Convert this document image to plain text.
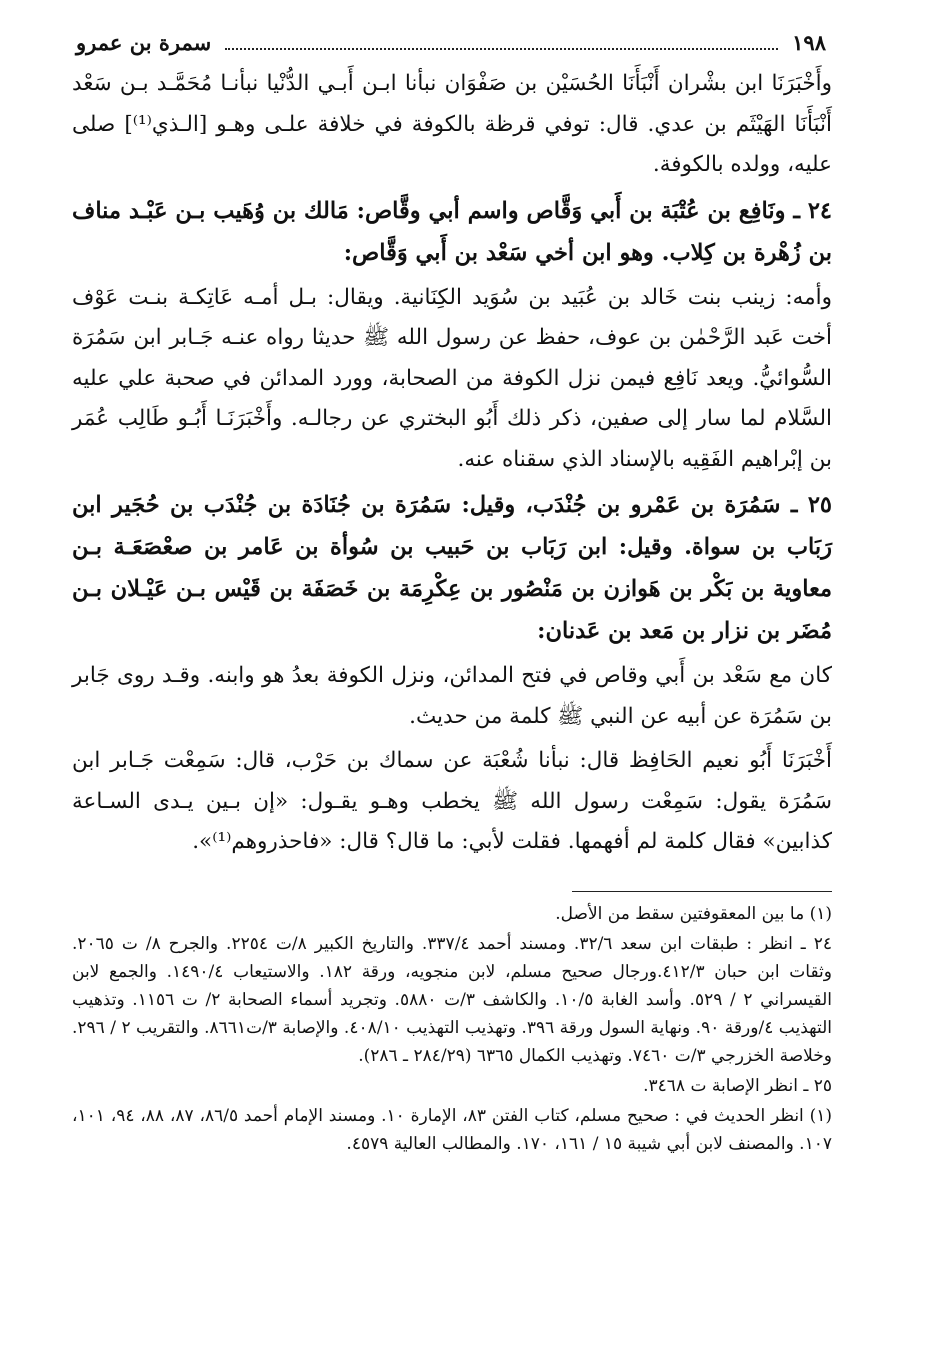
١٩٨
سمرة بن عمرو

وأَخْبَرَنَا ابن بشْران أَنْبَأَنَا الحُسَيْن بن صَفْوَان نبأنا ابـن أَبـي الدُّنْيا نبأنـا مُحَمَّـد بـن سَعْد أَنْبَأَنَا الهَيْثَم بن عدي. قال: توفي قرظة بالكوفة في خلافة علـى وهـو [الـذي⁽¹⁾] صلى عليه، وولده بالكوفة.

٢٤ ـ ونَافِع بن عُتْبَة بن أَبي وَقَّاص واسم أبي وقَّاص: مَالك بن وُهَيب بـن عَبْـد مناف بن زُهْرة بن كِلاب. وهو ابن أخي سَعْد بن أَبي وَقَّاص:

وأمه: زينب بنت خَالد بن عُبَيد بن سُوَيد الكِنَانية. ويقال: بـل أمـه عَاتِكـة بنـت عَوْف أخت عَبد الرَّحْمٰن بن عوف، حفظ عن رسول الله ﷺ حديثا رواه عنـه جَـابر ابن سَمُرَة السُّوائيُّ. ويعد نَافِع فيمن نزل الكوفة من الصحابة، وورد المدائن في صحبة علي عليه السَّلام لما سار إلى صفين، ذكر ذلك أَبُو البختري عن رجالـه. وأَخْبَرَنَـا أَبُـو طَالِب عُمَر بن إبْراهيم الفَقِيه بالإسناد الذي سقناه عنه.

٢٥ ـ سَمُرَة بن عَمْرو بن جُنْدَب، وقيل: سَمُرَة بن جُنَادَة بن جُنْدَب بن حُجَير ابن رَبَاب بن سواة. وقيل: ابن رَبَاب بن حَبيب بن سُوأة بن عَامر بن صعْصَعَـة بـن معاوية بن بَكْر بن هَوازن بن مَنْصُور بن عِكْرِمَة بن خَصَفَة بن قَيْس بـن عَيْـلان بـن مُضَر بن نزار بن مَعد بن عَدنان:

كان مع سَعْد بن أَبي وقاص في فتح المدائن، ونزل الكوفة بعدُ هو وابنه. وقـد روى جَابر بن سَمُرَة عن أبيه عن النبي ﷺ كلمة من حديث.

أَخْبَرَنَا أَبُو نعيم الحَافِظ قال: نبأنا شُعْبَة عن سماك بن حَرْب، قال: سَمِعْت جَـابر ابن سَمُرَة يقول: سَمِعْت رسول الله ﷺ يخطب وهـو يقـول: «إن بـين يـدى السـاعة كذابين» فقال كلمة لم أفهمها. فقلت لأبي: ما قال؟ قال: «فاحذروهم⁽¹⁾».

(١) ما بين المعقوفتين سقط من الأصل.
٢٤ ـ انظر : طبقات ابن سعد ٣٢/٦. ومسند أحمد ٣٣٧/٤. والتاريخ الكبير ٨/ت ٢٢٥٤. والجرح ٨/ ت ٢٠٦٥. وثقات ابن حبان ٤١٢/٣.ورجال صحيح مسلم، لابن منجويه، ورقة ١٨٢. والاستيعاب ١٤٩٠/٤. والجمع لابن القيسراني ٢ / ٥٢٩. وأسد الغابة ١٠/٥. والكاشف ٣/ت ٥٨٨٠. وتجريد أسماء الصحابة ٢/ ت ١١٥٦. وتذهيب التهذيب ٤/ورقة ٩٠. ونهاية السول ورقة ٣٩٦. وتهذيب التهذيب ٤٠٨/١٠. والإصابة ٣/ت٨٦٦١. والتقريب ٢ / ٢٩٦. وخلاصة الخزرجي ٣/ت ٧٤٦٠. وتهذيب الكمال ٦٣٦٥ (٢٨٤/٢٩ ـ ٢٨٦).
٢٥ ـ انظر الإصابة ت ٣٤٦٨.
(١) انظر الحديث في : صحيح مسلم، كتاب الفتن ٨٣، الإمارة ١٠. ومسند الإمام أحمد ٨٦/٥، ٨٧، ٨٨، ٩٤، ١٠١، ١٠٧. والمصنف لابن أبي شيبة ١٥ / ١٦١، ١٧٠. والمطالب العالية ٤٥٧٩.
